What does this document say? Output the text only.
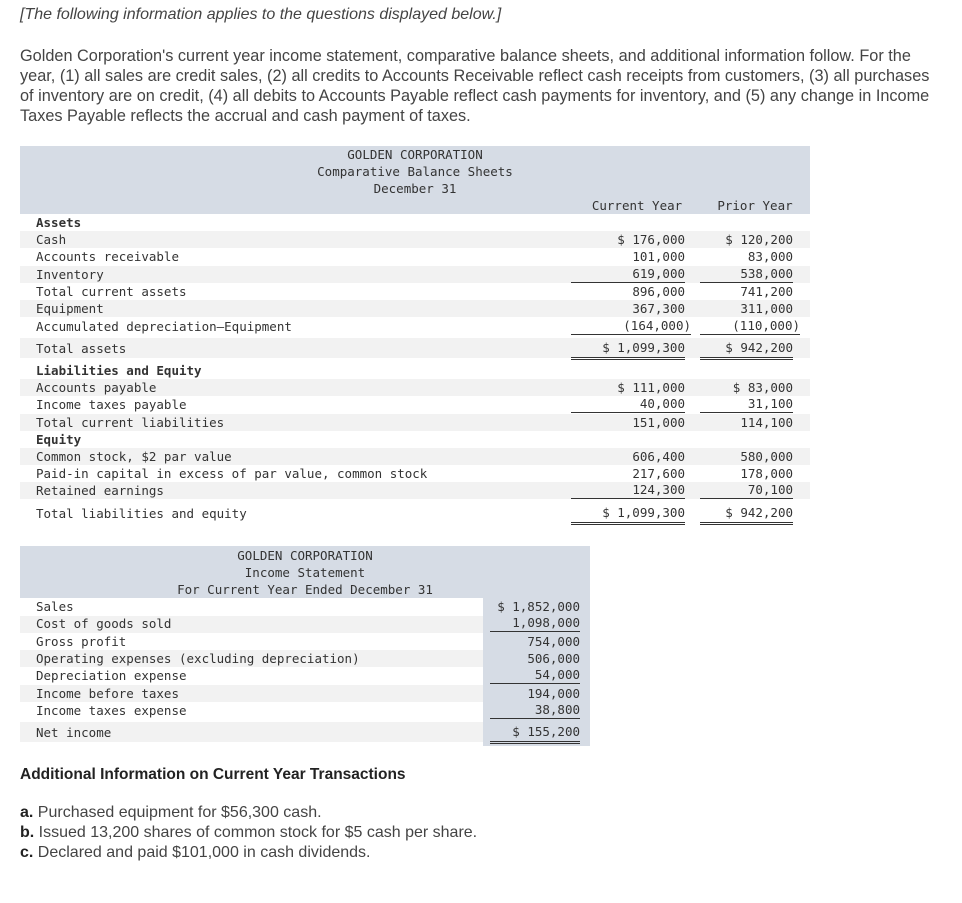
[The following information applies to the questions displayed below.]
Golden Corporation's current year income statement, comparative balance sheets, and additional information follow. For the year, (1) all sales are credit sales, (2) all credits to Accounts Receivable reflect cash receipts from customers, (3) all purchases of inventory are on credit, (4) all debits to Accounts Payable reflect cash payments for inventory, and (5) any change in Income Taxes Payable reflects the accrual and cash payment of taxes.
GOLDEN CORPORATION
Comparative Balance Sheets
December 31
Current Year	Prior Year
Assets
Cash	$ 176,000	$ 120,200
Accounts receivable	101,000	83,000
Inventory	619,000	538,000
Total current assets	896,000	741,200
Equipment	367,300	311,000
Accumulated depreciation—Equipment	(164,000)	(110,000)
Total assets	$ 1,099,300	$ 942,200
Liabilities and Equity
Accounts payable	$ 111,000	$ 83,000
Income taxes payable	40,000	31,100
Total current liabilities	151,000	114,100
Equity
Common stock, $2 par value	606,400	580,000
Paid-in capital in excess of par value, common stock	217,600	178,000
Retained earnings	124,300	70,100
Total liabilities and equity	$ 1,099,300	$ 942,200
GOLDEN CORPORATION
Income Statement
For Current Year Ended December 31
Sales	$ 1,852,000
Cost of goods sold	1,098,000
Gross profit	754,000
Operating expenses (excluding depreciation)	506,000
Depreciation expense	54,000
Income before taxes	194,000
Income taxes expense	38,800
Net income	$ 155,200
Additional Information on Current Year Transactions
a. Purchased equipment for $56,300 cash.
b. Issued 13,200 shares of common stock for $5 cash per share.
c. Declared and paid $101,000 in cash dividends.
